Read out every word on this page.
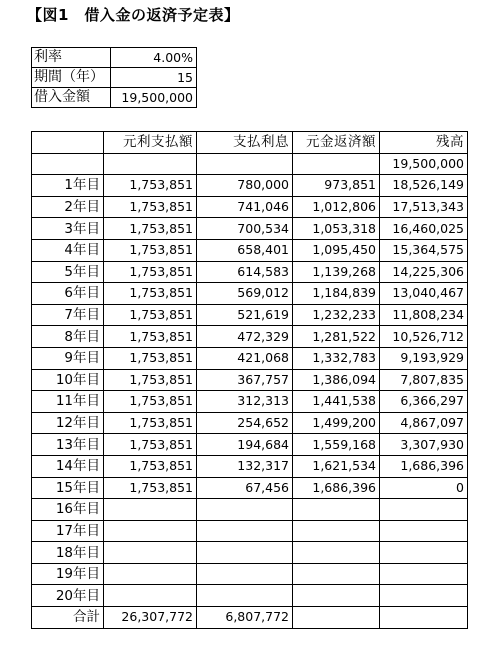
【図1　借入金の返済予定表】
利率	4.00%
期間（年）	15
借入金額	19,500,000
	元利支払額	支払利息	元金返済額	残高
				19,500,000
1年目	1,753,851	780,000	973,851	18,526,149
2年目	1,753,851	741,046	1,012,806	17,513,343
3年目	1,753,851	700,534	1,053,318	16,460,025
4年目	1,753,851	658,401	1,095,450	15,364,575
5年目	1,753,851	614,583	1,139,268	14,225,306
6年目	1,753,851	569,012	1,184,839	13,040,467
7年目	1,753,851	521,619	1,232,233	11,808,234
8年目	1,753,851	472,329	1,281,522	10,526,712
9年目	1,753,851	421,068	1,332,783	9,193,929
10年目	1,753,851	367,757	1,386,094	7,807,835
11年目	1,753,851	312,313	1,441,538	6,366,297
12年目	1,753,851	254,652	1,499,200	4,867,097
13年目	1,753,851	194,684	1,559,168	3,307,930
14年目	1,753,851	132,317	1,621,534	1,686,396
15年目	1,753,851	67,456	1,686,396	0
16年目				
17年目				
18年目				
19年目				
20年目				
合計	26,307,772	6,807,772		
